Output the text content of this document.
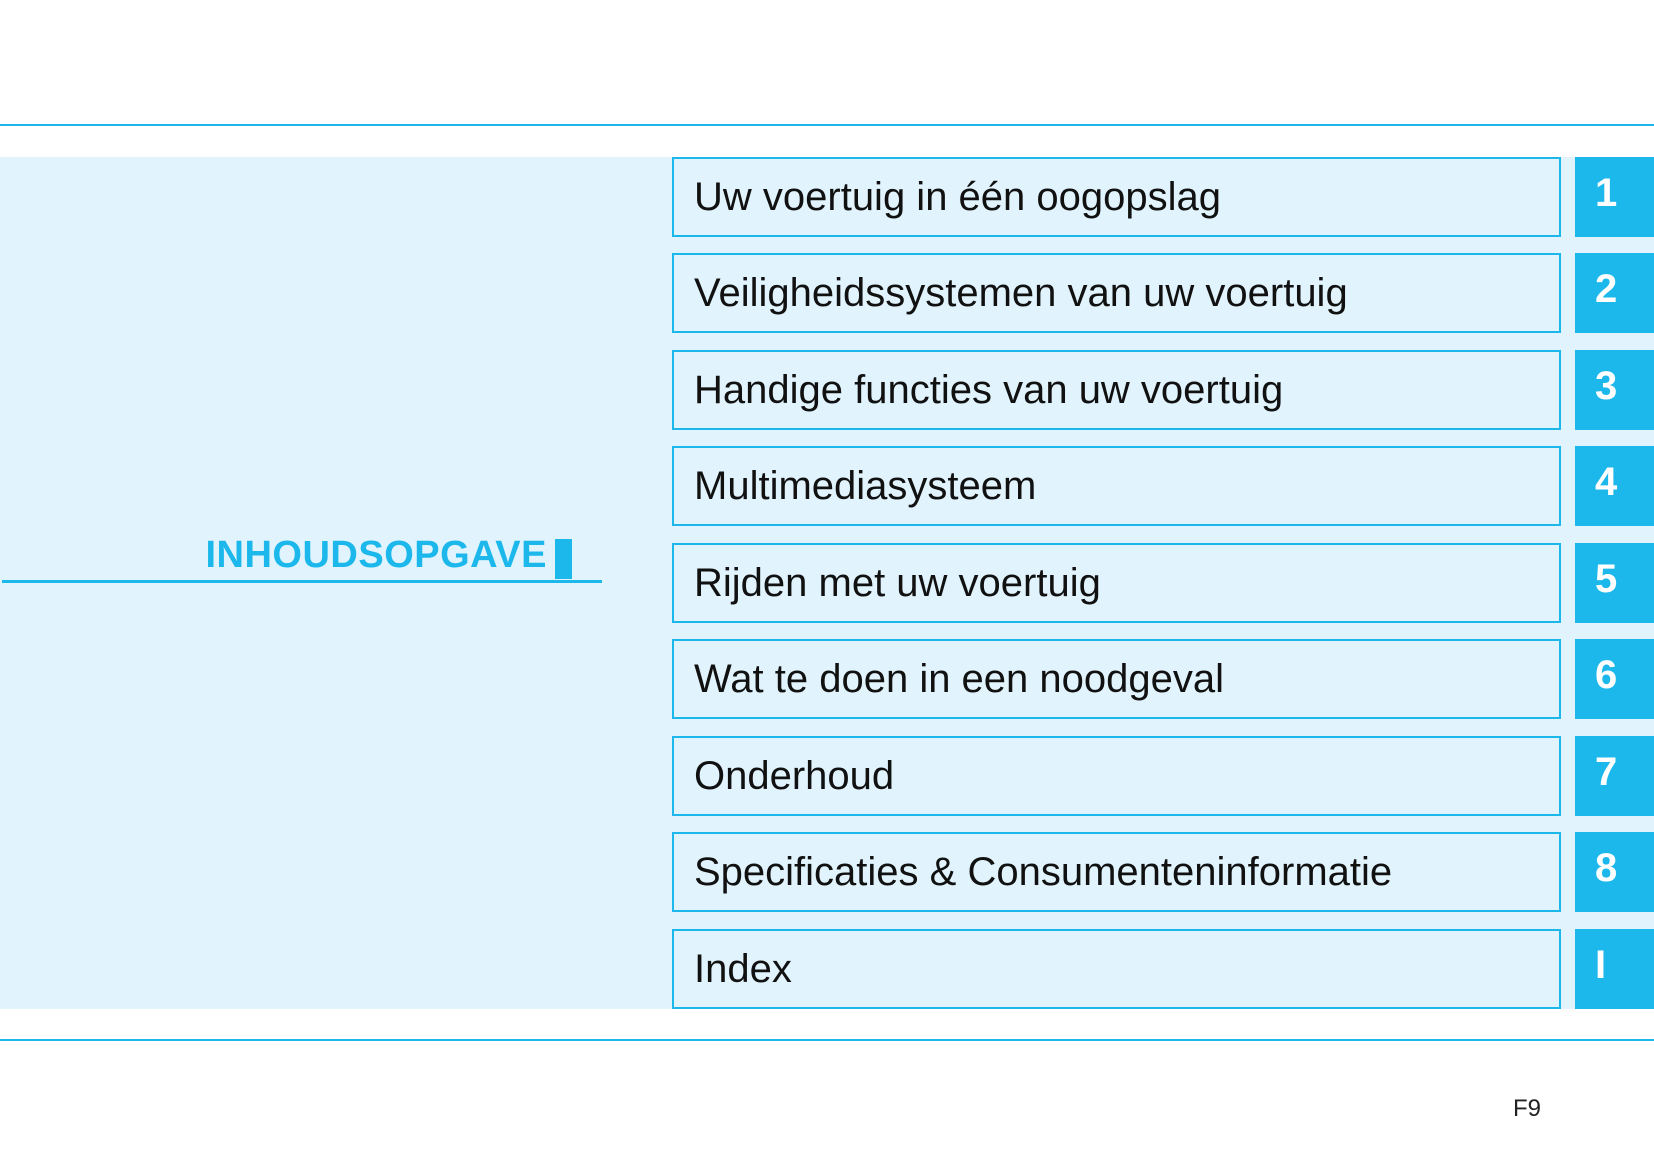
INHOUDSOPGAVE
Uw voertuig in één oogopslag	1
Veiligheidssystemen van uw voertuig	2
Handige functies van uw voertuig	3
Multimediasysteem	4
Rijden met uw voertuig	5
Wat te doen in een noodgeval	6
Onderhoud	7
Specificaties & Consumenteninformatie	8
Index	I
F9
